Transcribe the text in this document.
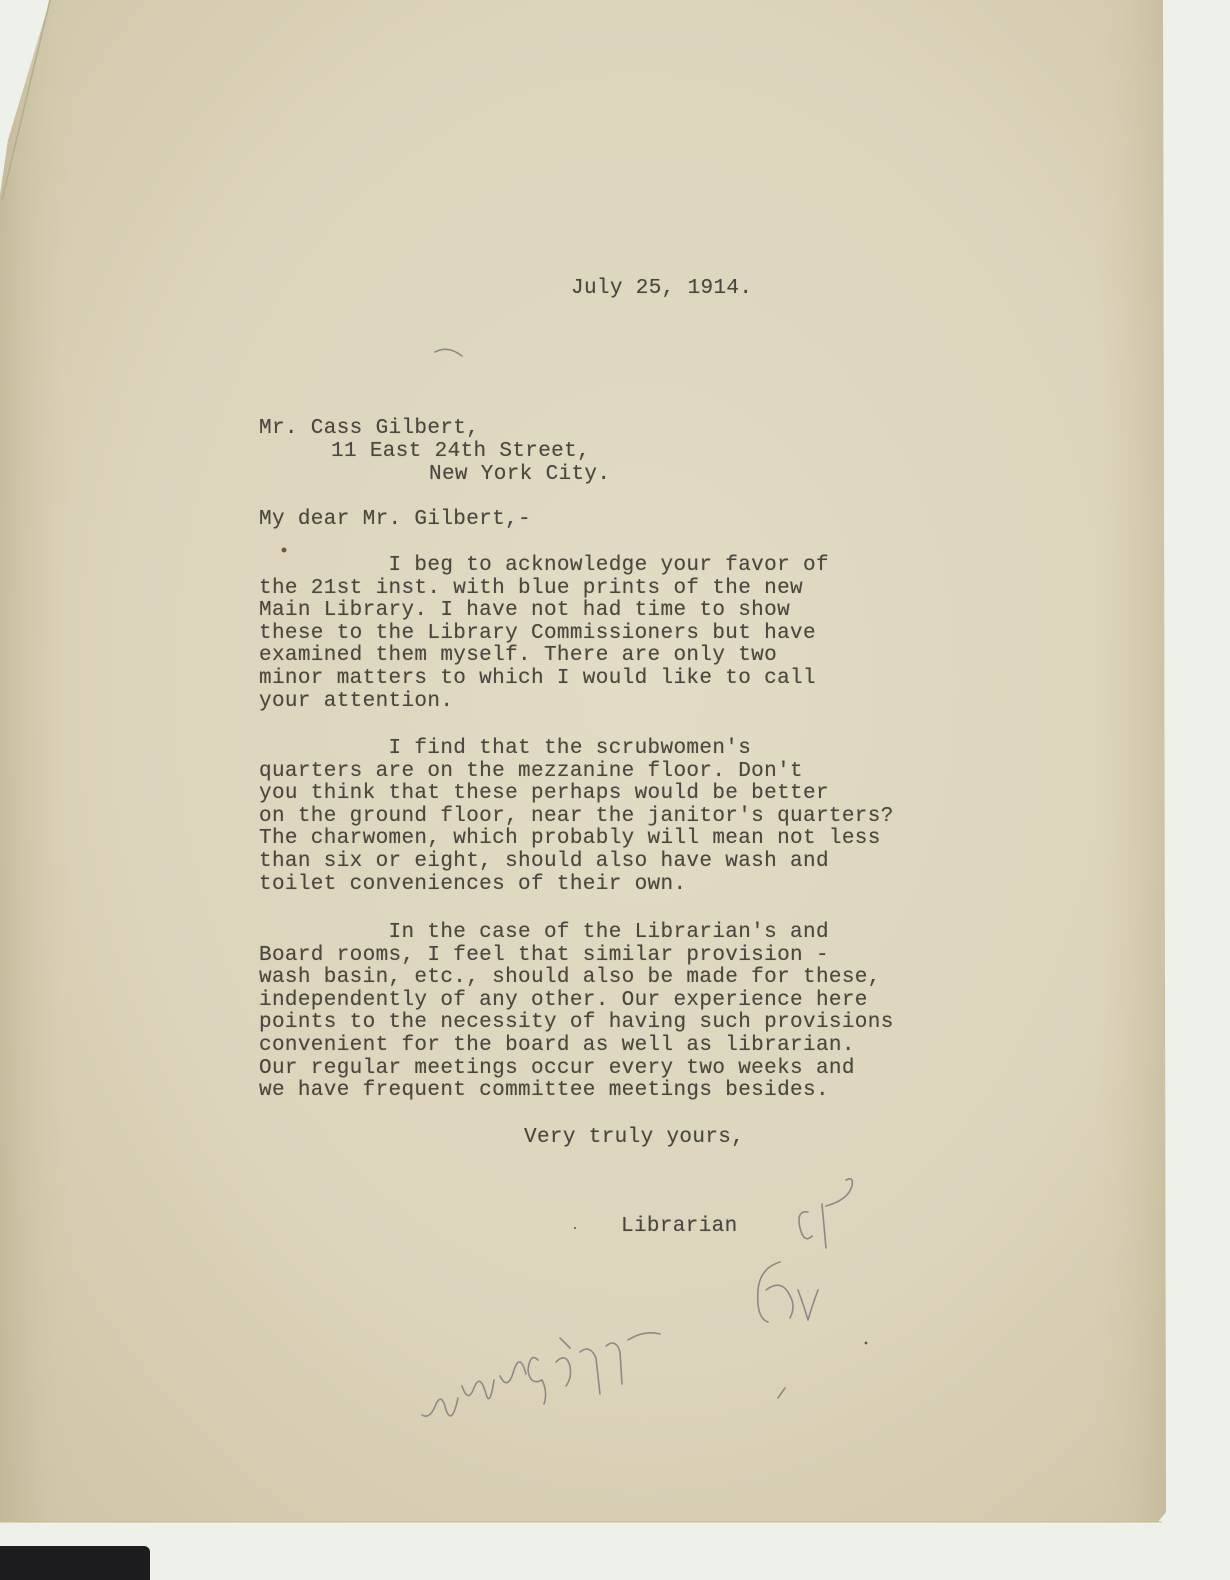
July 25, 1914.
Mr. Cass Gilbert,
11 East 24th Street,
New York City.
My dear Mr. Gilbert,-
I beg to acknowledge your favor of
the 21st inst. with blue prints of the new
Main Library. I have not had time to show
these to the Library Commissioners but have
examined them myself. There are only two
minor matters to which I would like to call
your attention.
I find that the scrubwomen's
quarters are on the mezzanine floor. Don't
you think that these perhaps would be better
on the ground floor, near the janitor's quarters?
The charwomen, which probably will mean not less
than six or eight, should also have wash and
toilet conveniences of their own.
In the case of the Librarian's and
Board rooms, I feel that similar provision -
wash basin, etc., should also be made for these,
independently of any other. Our experience here
points to the necessity of having such provisions
convenient for the board as well as librarian.
Our regular meetings occur every two weeks and
we have frequent committee meetings besides.
Very truly yours,
Librarian
